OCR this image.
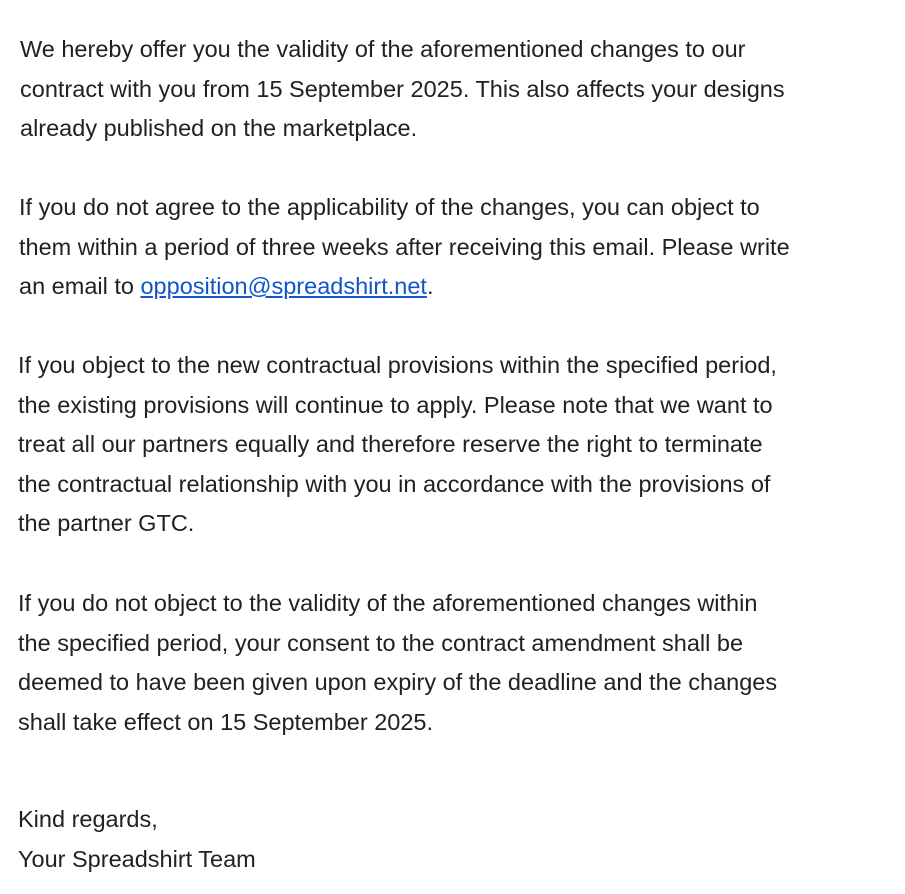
We hereby offer you the validity of the aforementioned changes to our
contract with you from 15 September 2025. This also affects your designs
already published on the marketplace.

If you do not agree to the applicability of the changes, you can object to
them within a period of three weeks after receiving this email. Please write
an email to opposition@spreadshirt.net.

If you object to the new contractual provisions within the specified period,
the existing provisions will continue to apply. Please note that we want to
treat all our partners equally and therefore reserve the right to terminate
the contractual relationship with you in accordance with the provisions of
the partner GTC.

If you do not object to the validity of the aforementioned changes within
the specified period, your consent to the contract amendment shall be
deemed to have been given upon expiry of the deadline and the changes
shall take effect on 15 September 2025.

Kind regards,
Your Spreadshirt Team
